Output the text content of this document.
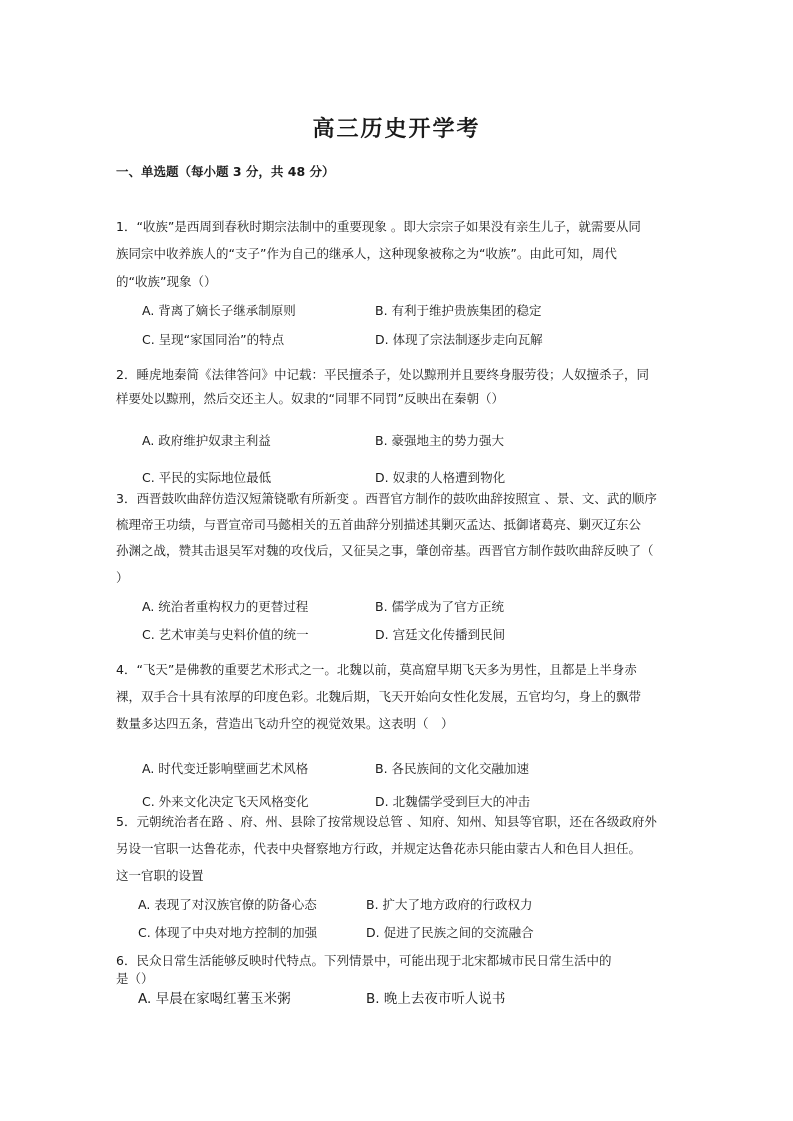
高三历史开学考
一、单选题（每小题 3 分，共 48 分）
1．“收族”是西周到春秋时期宗法制中的重要现象 。即大宗宗子如果没有亲生儿子，就需要从同
族同宗中收养族人的“支子”作为自己的继承人，这种现象被称之为“收族”。由此可知，周代
的“收族”现象（）
A. 背离了嫡长子继承制原则	B. 有利于维护贵族集团的稳定
C. 呈现“家国同治”的特点	D. 体现了宗法制逐步走向瓦解
2．睡虎地秦简《法律答问》中记载：平民擅杀子，处以黥刑并且要终身服劳役；人奴擅杀子，同
样要处以黥刑，然后交还主人。奴隶的“同罪不同罚”反映出在秦朝（）
A. 政府维护奴隶主利益	B. 豪强地主的势力强大
C. 平民的实际地位最低	D. 奴隶的人格遭到物化
3．西晋鼓吹曲辞仿造汉短箫铙歌有所新变 。西晋官方制作的鼓吹曲辞按照宣 、景、文、武的顺序
梳理帝王功绩，与晋宣帝司马懿相关的五首曲辞分别描述其剿灭孟达、抵御诸葛亮、剿灭辽东公
孙渊之战，赞其击退吴军对魏的攻伐后，又征吴之事，肇创帝基。西晋官方制作鼓吹曲辞反映了（
）
A. 统治者重构权力的更替过程	B. 儒学成为了官方正统
C. 艺术审美与史料价值的统一	D. 宫廷文化传播到民间
4．“飞天”是佛教的重要艺术形式之一。北魏以前，莫高窟早期飞天多为男性，且都是上半身赤
裸，双手合十具有浓厚的印度色彩。北魏后期，飞天开始向女性化发展，五官均匀，身上的飘带
数量多达四五条，营造出飞动升空的视觉效果。这表明（　）
A. 时代变迁影响壁画艺术风格	B. 各民族间的文化交融加速
C. 外来文化决定飞天风格变化	D. 北魏儒学受到巨大的冲击
5．元朝统治者在路 、府、州、县除了按常规设总管 、知府、知州、知县等官职，还在各级政府外
另设一官职一达鲁花赤，代表中央督察地方行政，并规定达鲁花赤只能由蒙古人和色目人担任。
这一官职的设置
A. 表现了对汉族官僚的防备心态	B. 扩大了地方政府的行政权力
C. 体现了中央对地方控制的加强	D. 促进了民族之间的交流融合
6．民众日常生活能够反映时代特点。下列情景中，可能出现于北宋都城市民日常生活中的
是（）
A. 早晨在家喝红薯玉米粥	B. 晚上去夜市听人说书
